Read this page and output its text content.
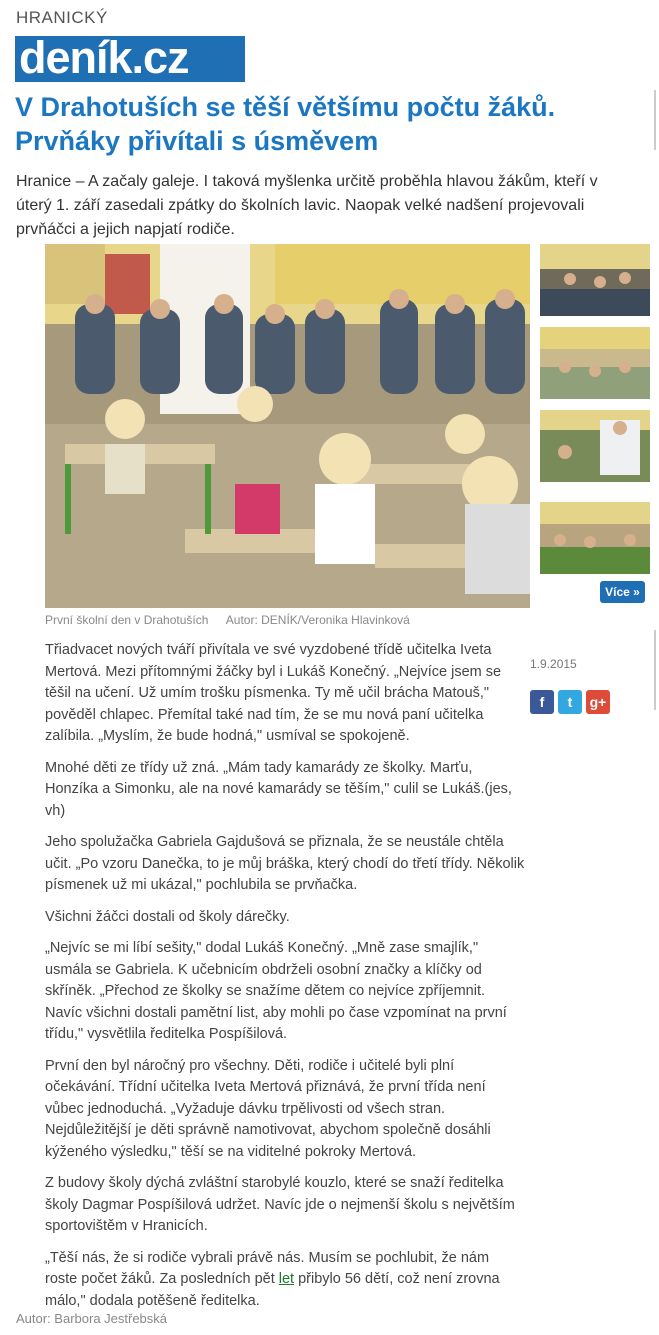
HRANICKÝ
deník.cz
V Drahotuších se těší většímu počtu žáků. Prvňáky přivítali s úsměvem

Hranice – A začaly galeje. I taková myšlenka určitě proběhla hlavou žákům, kteří v úterý 1. září zasedali zpátky do školních lavic. Naopak velké nadšení projevovali prvňáčci a jejich napjatí rodiče.

První školní den v Drahotuších Autor: DENÍK/Veronika Hlavinková
Více »
1.9.2015
f	t	g+

Třiadvacet nových tváří přivítala ve své vyzdobené třídě učitelka Iveta Mertová. Mezi přítomnými žáčky byl i Lukáš Konečný. „Nejvíce jsem se těšil na učení. Už umím trošku písmenka. Ty mě učil brácha Matouš," pověděl chlapec. Přemítal také nad tím, že se mu nová paní učitelka zalíbila. „Myslím, že bude hodná," usmíval se spokojeně.

Mnohé děti ze třídy už zná. „Mám tady kamarády ze školky. Marťu, Honzíka a Simonku, ale na nové kamarády se těším," culil se Lukáš.(jes, vh)

Jeho spolužačka Gabriela Gajdušová se přiznala, že se neustále chtěla učit. „Po vzoru Danečka, to je můj bráška, který chodí do třetí třídy. Několik písmenek už mi ukázal," pochlubila se prvňačka.

Všichni žáčci dostali od školy dárečky.

„Nejvíc se mi líbí sešity," dodal Lukáš Konečný. „Mně zase smajlík," usmála se Gabriela. K učebnicím obdrželi osobní značky a klíčky od skříněk. „Přechod ze školky se snažíme dětem co nejvíce zpříjemnit. Navíc všichni dostali pamětní list, aby mohli po čase vzpomínat na první třídu," vysvětlila ředitelka Pospíšilová.

První den byl náročný pro všechny. Děti, rodiče i učitelé byli plní očekávání. Třídní učitelka Iveta Mertová přiznává, že první třída není vůbec jednoduchá. „Vyžaduje dávku trpělivosti od všech stran. Nejdůležitější je děti správně namotivovat, abychom společně dosáhli kýženého výsledku," těší se na viditelné pokroky Mertová.

Z budovy školy dýchá zvláštní starobylé kouzlo, které se snaží ředitelka školy Dagmar Pospíšilová udržet. Navíc jde o nejmenší školu s největším sportovištěm v Hranicích.

„Těší nás, že si rodiče vybrali právě nás. Musím se pochlubit, že nám roste počet žáků. Za posledních pět let přibylo 56 dětí, což není zrovna málo," dodala potěšeně ředitelka.

Autor: Barbora Jestřebská
